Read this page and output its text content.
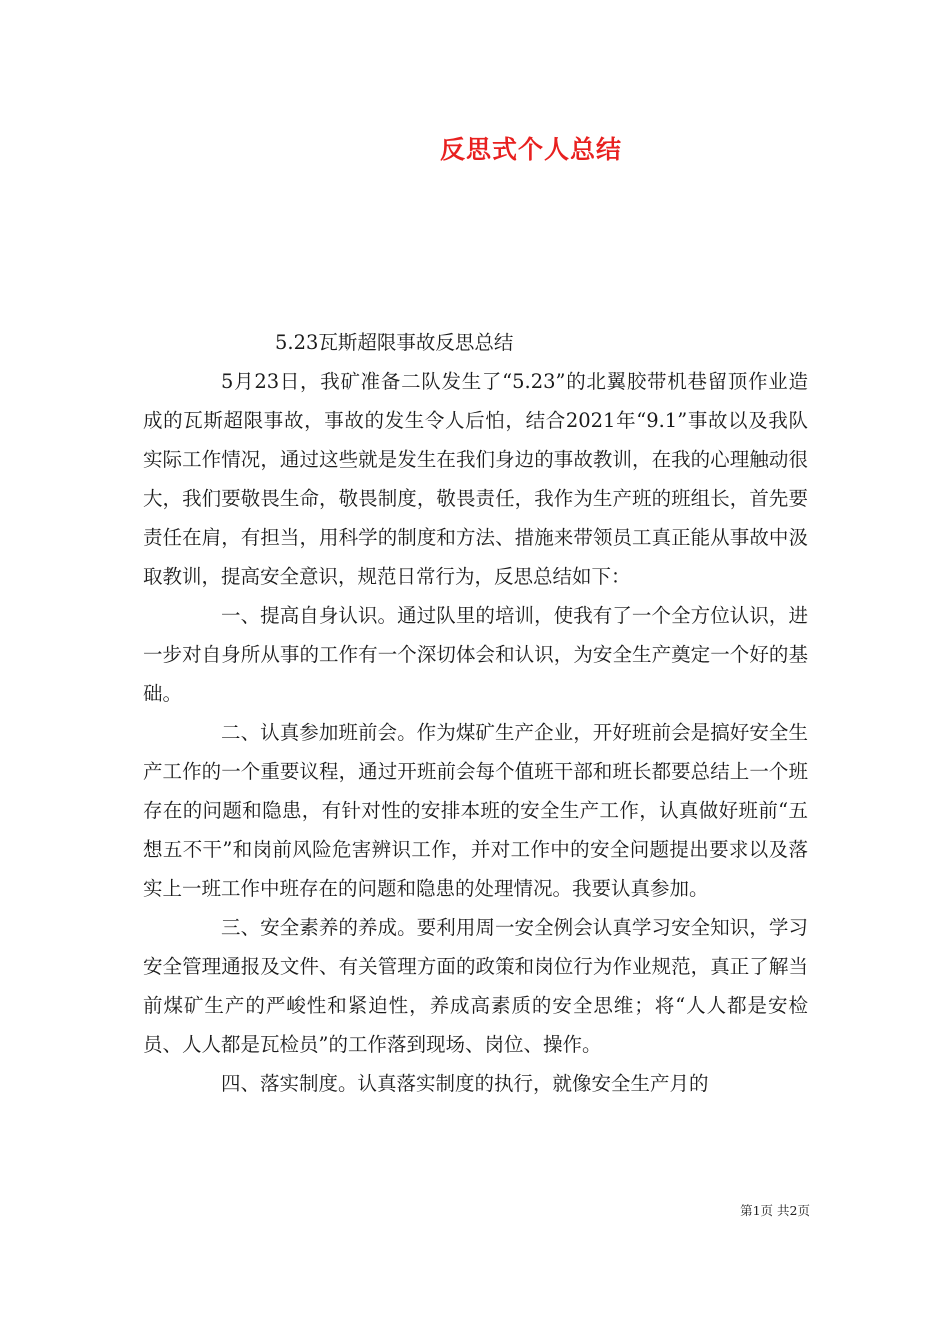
反思式个人总结
5.23瓦斯超限事故反思总结

5月23日，我矿准备二队发生了“5.23”的北翼胶带机巷留顶作业造成的瓦斯超限事故，事故的发生令人后怕，结合2021年“9.1”事故以及我队实际工作情况，通过这些就是发生在我们身边的事故教训，在我的心理触动很大，我们要敬畏生命，敬畏制度，敬畏责任，我作为生产班的班组长，首先要责任在肩，有担当，用科学的制度和方法、措施来带领员工真正能从事故中汲取教训，提高安全意识，规范日常行为，反思总结如下：

一、提高自身认识。通过队里的培训，使我有了一个全方位认识，进一步对自身所从事的工作有一个深切体会和认识，为安全生产奠定一个好的基础。

二、认真参加班前会。作为煤矿生产企业，开好班前会是搞好安全生产工作的一个重要议程，通过开班前会每个值班干部和班长都要总结上一个班存在的问题和隐患，有针对性的安排本班的安全生产工作，认真做好班前“五想五不干”和岗前风险危害辨识工作，并对工作中的安全问题提出要求以及落实上一班工作中班存在的问题和隐患的处理情况。我要认真参加。

三、安全素养的养成。要利用周一安全例会认真学习安全知识，学习安全管理通报及文件、有关管理方面的政策和岗位行为作业规范，真正了解当前煤矿生产的严峻性和紧迫性，养成高素质的安全思维；将“人人都是安检员、人人都是瓦检员”的工作落到现场、岗位、操作。

四、落实制度。认真落实制度的执行，就像安全生产月的

第1页 共2页
